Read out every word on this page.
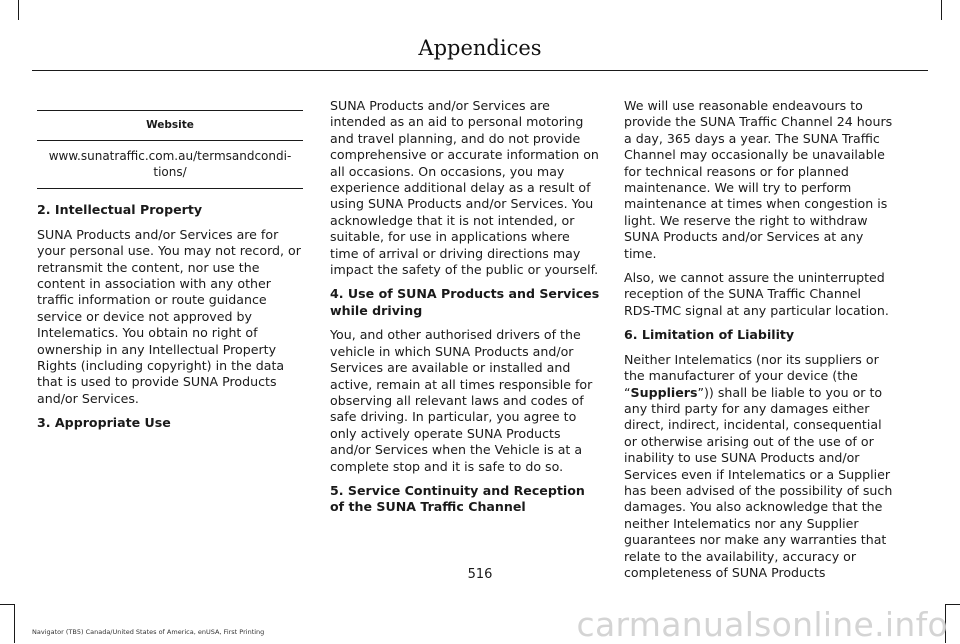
Appendices
Website
www.sunatraffic.com.au/termsandcondi-tions/

2. Intellectual Property

SUNA Products and/or Services are for your personal use. You may not record, or retransmit the content, nor use the content in association with any other traffic information or route guidance service or device not approved by Intelematics. You obtain no right of ownership in any Intellectual Property Rights (including copyright) in the data that is used to provide SUNA Products and/or Services.

3. Appropriate Use

SUNA Products and/or Services are intended as an aid to personal motoring and travel planning, and do not provide comprehensive or accurate information on all occasions. On occasions, you may experience additional delay as a result of using SUNA Products and/or Services. You acknowledge that it is not intended, or suitable, for use in applications where time of arrival or driving directions may impact the safety of the public or yourself.

4. Use of SUNA Products and Services while driving

You, and other authorised drivers of the vehicle in which SUNA Products and/or Services are available or installed and active, remain at all times responsible for observing all relevant laws and codes of safe driving. In particular, you agree to only actively operate SUNA Products and/or Services when the Vehicle is at a complete stop and it is safe to do so.

5. Service Continuity and Reception of the SUNA Traffic Channel

We will use reasonable endeavours to provide the SUNA Traffic Channel 24 hours a day, 365 days a year. The SUNA Traffic Channel may occasionally be unavailable for technical reasons or for planned maintenance. We will try to perform maintenance at times when congestion is light. We reserve the right to withdraw SUNA Products and/or Services at any time.

Also, we cannot assure the uninterrupted reception of the SUNA Traffic Channel RDS-TMC signal at any particular location.

6. Limitation of Liability

Neither Intelematics (nor its suppliers or the manufacturer of your device (the “Suppliers”)) shall be liable to you or to any third party for any damages either direct, indirect, incidental, consequential or otherwise arising out of the use of or inability to use SUNA Products and/or Services even if Intelematics or a Supplier has been advised of the possibility of such damages. You also acknowledge that the neither Intelematics nor any Supplier guarantees nor make any warranties that relate to the availability, accuracy or completeness of SUNA Products

516
Navigator (TB5) Canada/United States of America, enUSA, First Printing	carmanualsonline.info
